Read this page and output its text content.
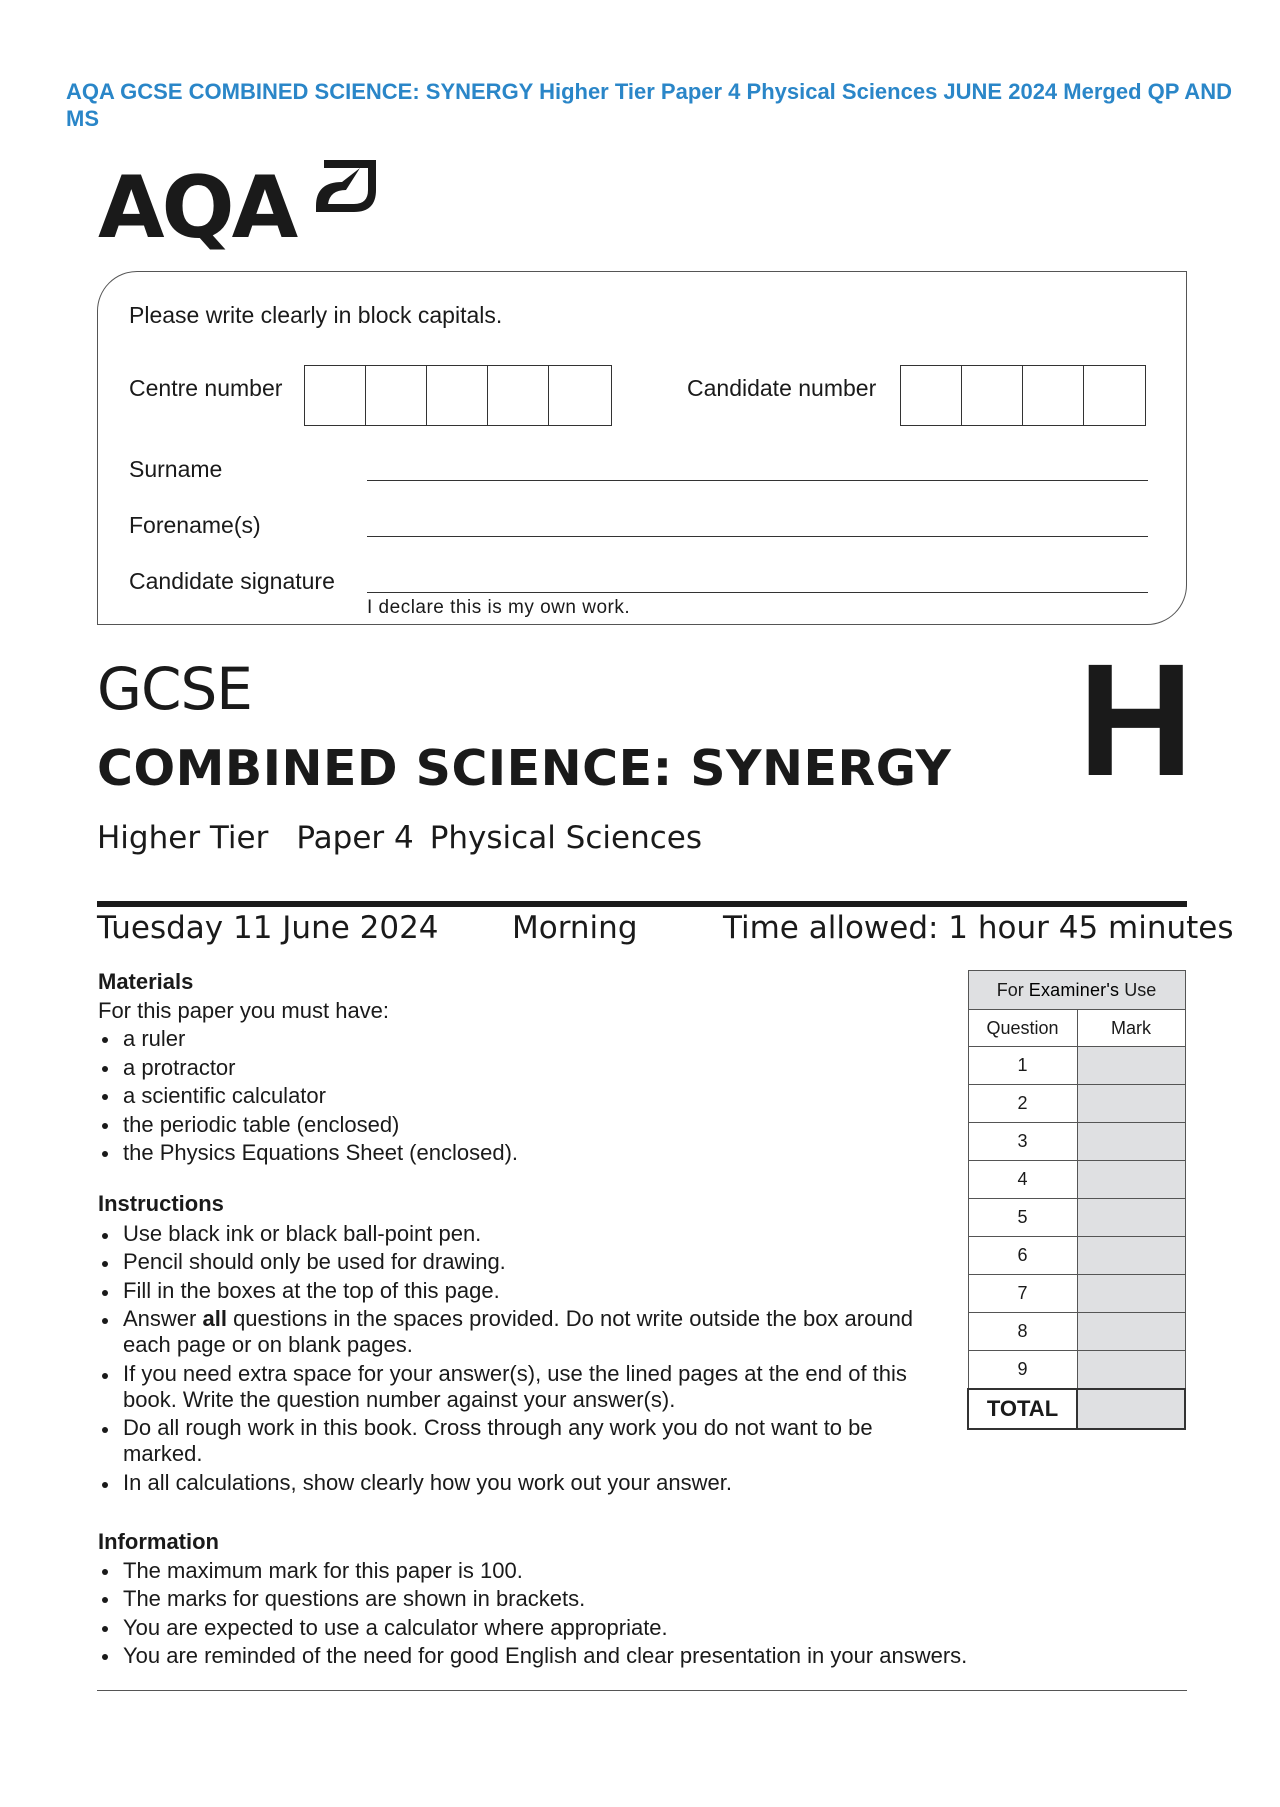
AQA GCSE COMBINED SCIENCE: SYNERGY Higher Tier Paper 4 Physical Sciences JUNE 2024 Merged QP AND MS
AQA
Please write clearly in block capitals.
Centre number	Candidate number
Surname
Forename(s)
Candidate signature
I declare this is my own work.
GCSE
COMBINED SCIENCE: SYNERGY H
Higher Tier Paper 4 Physical Sciences
Tuesday 11 June 2024 Morning	Time allowed: 1 hour 45 minutes
Materials

For this paper you must have:

a ruler
a protractor
a scientific calculator
the periodic table (enclosed)
the Physics Equations Sheet (enclosed).
Instructions
Use black ink or black ball-point pen.
Pencil should only be used for drawing.
Fill in the boxes at the top of this page.
Answer all questions in the spaces provided. Do not write outside the box around each page or on blank pages.
If you need extra space for your answer(s), use the lined pages at the end of this book. Write the question number against your answer(s).
Do all rough work in this book. Cross through any work you do not want to be marked.
In all calculations, show clearly how you work out your answer.
Information
The maximum mark for this paper is 100.
The marks for questions are shown in brackets.
You are expected to use a calculator where appropriate.
You are reminded of the need for good English and clear presentation in your answers.
For Examiner's Use	
Question	Mark
1	
2	
3	
4	
5	
6	
7	
8	
9	
TOTAL	
